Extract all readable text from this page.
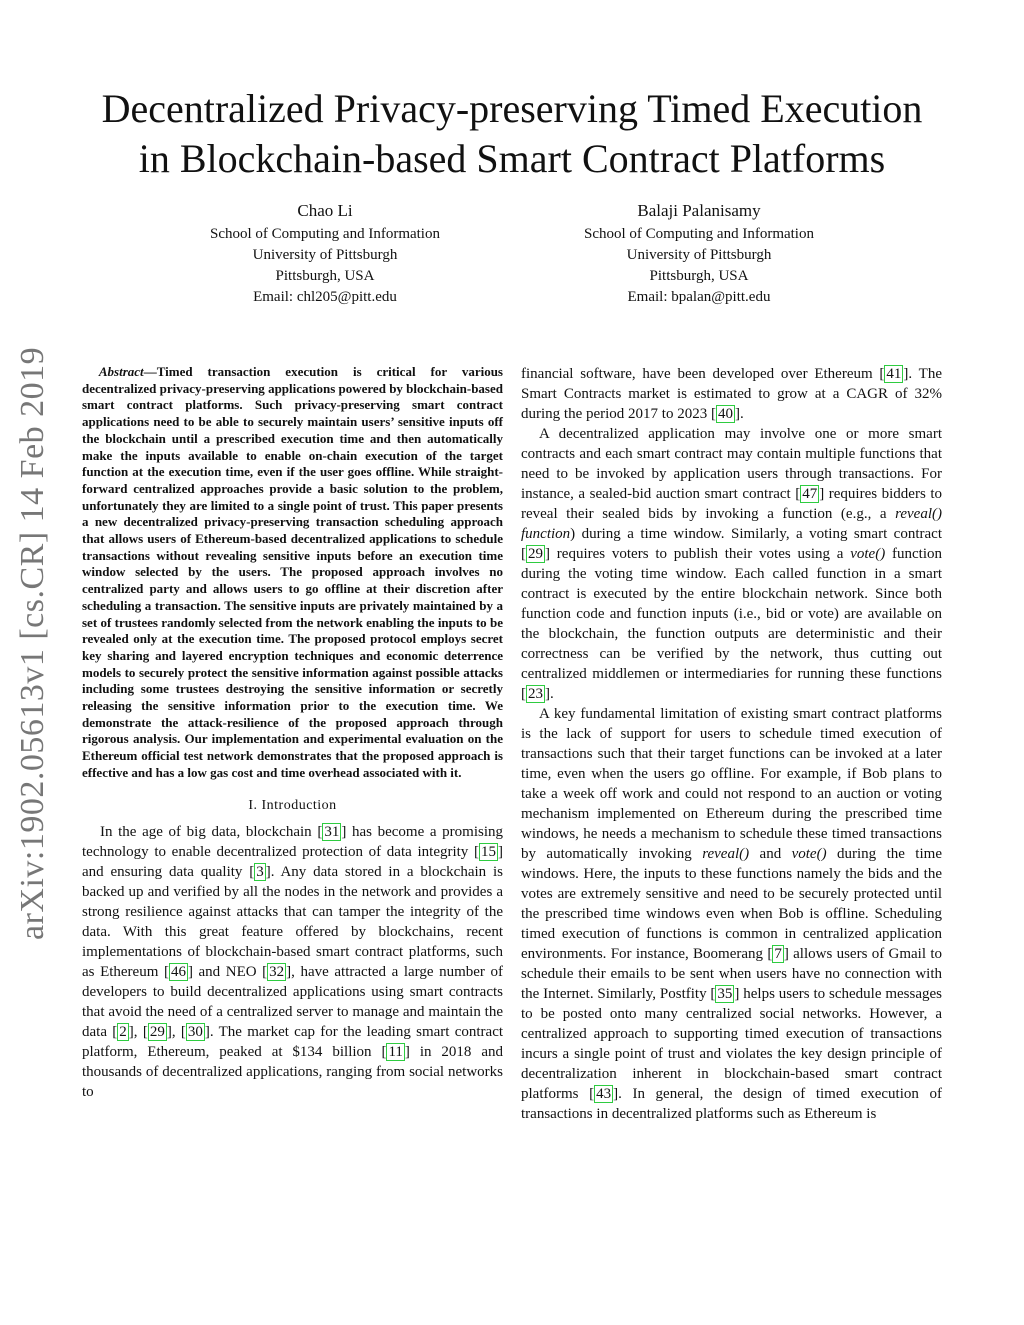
arXiv:1902.05613v1 [cs.CR] 14 Feb 2019
Decentralized Privacy-preserving Timed Execution
in Blockchain-based Smart Contract Platforms
Chao Li
School of Computing and Information
University of Pittsburgh
Pittsburgh, USA
Email: chl205@pitt.edu
Balaji Palanisamy
School of Computing and Information
University of Pittsburgh
Pittsburgh, USA
Email: bpalan@pitt.edu
Abstract—Timed transaction execution is critical for various decentralized privacy-preserving applications powered by blockchain-based smart contract platforms. Such privacy-preserving smart contract applications need to be able to securely maintain users’ sensitive inputs off the blockchain until a prescribed execution time and then automatically make the inputs available to enable on-chain execution of the target function at the execution time, even if the user goes offline. While straight-forward centralized approaches provide a basic solution to the problem, unfortunately they are limited to a single point of trust. This paper presents a new decentralized privacy-preserving transaction scheduling approach that allows users of Ethereum-based decentralized applications to schedule transactions without revealing sensitive inputs before an execution time window selected by the users. The proposed approach involves no centralized party and allows users to go offline at their discretion after scheduling a transaction. The sensitive inputs are privately maintained by a set of trustees randomly selected from the network enabling the inputs to be revealed only at the execution time. The proposed protocol employs secret key sharing and layered encryption techniques and economic deterrence models to securely protect the sensitive information against possible attacks including some trustees destroying the sensitive information or secretly releasing the sensitive information prior to the execution time. We demonstrate the attack-resilience of the proposed approach through rigorous analysis. Our implementation and experimental evaluation on the Ethereum official test network demonstrates that the proposed approach is effective and has a low gas cost and time overhead associated with it.
I. Introduction

In the age of big data, blockchain [ 31 ] has become a promising technology to enable decentralized protection of data integrity [ 15 ] and ensuring data quality [ 3 ]. Any data stored in a blockchain is backed up and verified by all the nodes in the network and provides a strong resilience against attacks that can tamper the integrity of the data. With this great feature offered by blockchains, recent implementations of blockchain-based smart contract platforms, such as Ethereum [ 46 ] and NEO [ 32 ], have attracted a large number of developers to build decentralized applications using smart contracts that avoid the need of a centralized server to manage and maintain the data [ 2 ], [ 29 ], [ 30 ]. The market cap for the leading smart contract platform, Ethereum, peaked at $134 billion [ 11 ] in 2018 and thousands of decentralized applications, ranging from social networks to

financial software, have been developed over Ethereum [ 41 ]. The Smart Contracts market is estimated to grow at a CAGR of 32% during the period 2017 to 2023 [ 40 ].

A decentralized application may involve one or more smart contracts and each smart contract may contain multiple functions that need to be invoked by application users through transactions. For instance, a sealed-bid auction smart contract [ 47 ] requires bidders to reveal their sealed bids by invoking a function (e.g., a reveal() function) during a time window. Similarly, a voting smart contract [ 29 ] requires voters to publish their votes using a vote() function during the voting time window. Each called function in a smart contract is executed by the entire blockchain network. Since both function code and function inputs (i.e., bid or vote) are available on the blockchain, the function outputs are deterministic and their correctness can be verified by the network, thus cutting out centralized middlemen or intermediaries for running these functions [ 23 ].

A key fundamental limitation of existing smart contract platforms is the lack of support for users to schedule timed execution of transactions such that their target functions can be invoked at a later time, even when the users go offline. For example, if Bob plans to take a week off work and could not respond to an auction or voting mechanism implemented on Ethereum during the prescribed time windows, he needs a mechanism to schedule these timed transactions by automatically invoking reveal() and vote() during the time windows. Here, the inputs to these functions namely the bids and the votes are extremely sensitive and need to be securely protected until the prescribed time windows even when Bob is offline. Scheduling timed execution of functions is common in centralized application environments. For instance, Boomerang [ 7 ] allows users of Gmail to schedule their emails to be sent when users have no connection with the Internet. Similarly, Postfity [ 35 ] helps users to schedule messages to be posted onto many centralized social networks. However, a centralized approach to supporting timed execution of transactions incurs a single point of trust and violates the key design principle of decentralization inherent in blockchain-based smart contract platforms [ 43 ]. In general, the design of timed execution of transactions in decentralized platforms such as Ethereum is
